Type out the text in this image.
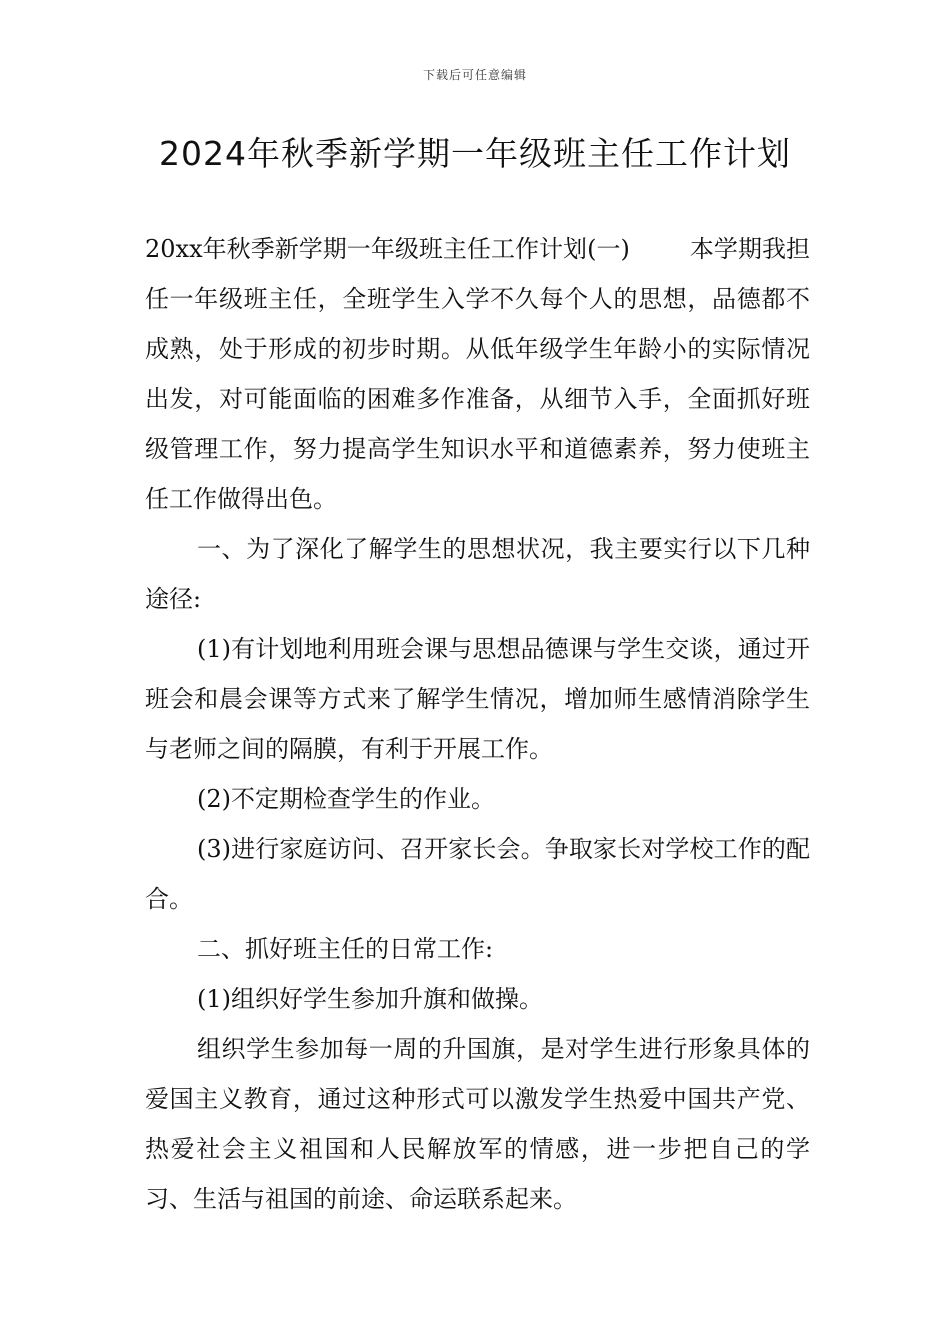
下载后可任意编辑
2024年秋季新学期一年级班主任工作计划

20xx年秋季新学期一年级班主任工作计划(一)	本学期我担任一年级班主任，全班学生入学不久每个人的思想，品德都不成熟，处于形成的初步时期。从低年级学生年龄小的实际情况出发，对可能面临的困难多作准备，从细节入手，全面抓好班级管理工作，努力提高学生知识水平和道德素养，努力使班主任工作做得出色。

一、为了深化了解学生的思想状况，我主要实行以下几种途径:

(1)有计划地利用班会课与思想品德课与学生交谈，通过开班会和晨会课等方式来了解学生情况，增加师生感情消除学生与老师之间的隔膜，有利于开展工作。

(2)不定期检查学生的作业。

(3)进行家庭访问、召开家长会。争取家长对学校工作的配合。

二、抓好班主任的日常工作:

(1)组织好学生参加升旗和做操。

组织学生参加每一周的升国旗，是对学生进行形象具体的爱国主义教育，通过这种形式可以激发学生热爱中国共产党、热爱社会主义祖国和人民解放军的情感，进一步把自己的学习、生活与祖国的前途、命运联系起来。
